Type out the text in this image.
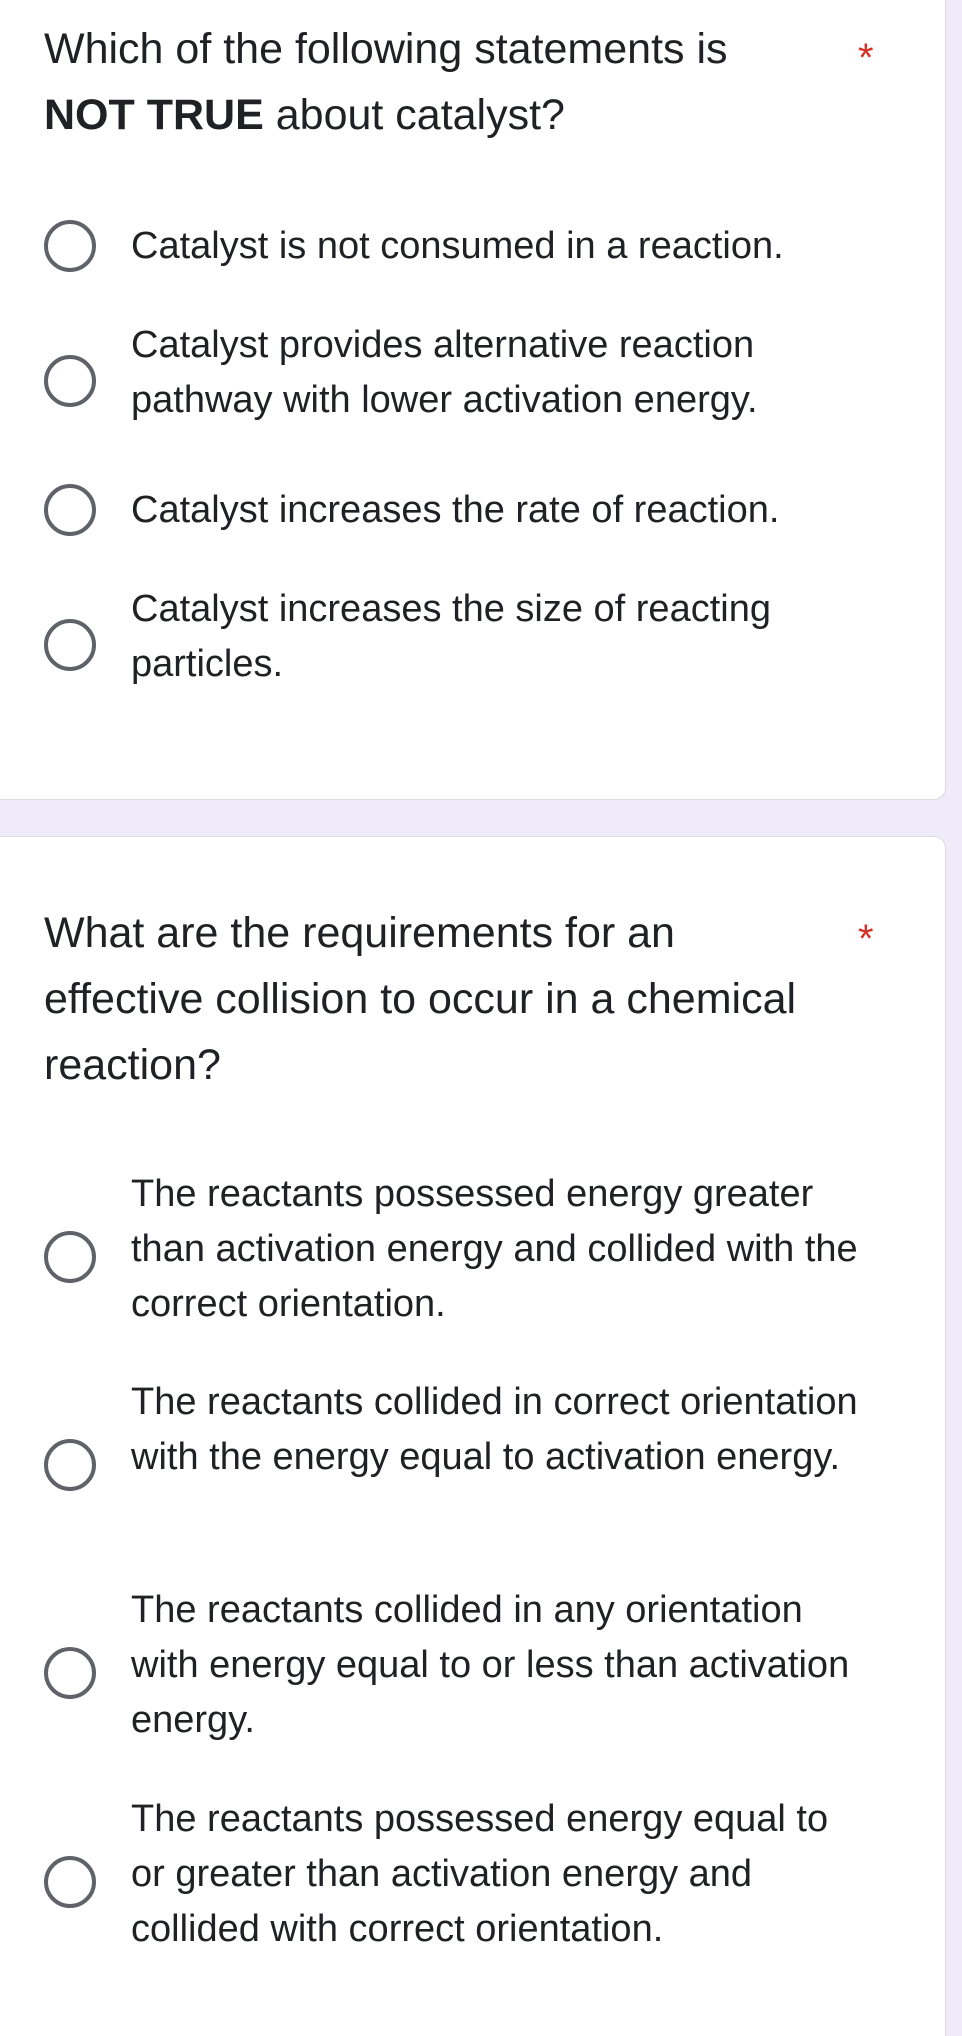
Which of the following statements is
NOT TRUE about catalyst?
*
Catalyst is not consumed in a reaction.
Catalyst provides alternative reaction pathway with lower activation energy.
Catalyst increases the rate of reaction.
Catalyst increases the size of reacting particles.
What are the requirements for an effective collision to occur in a chemical reaction?
*
The reactants possessed energy greater than activation energy and collided with the correct orientation.
The reactants collided in correct orientation with the energy equal to activation energy.
The reactants collided in any orientation with energy equal to or less than activation energy.
The reactants possessed energy equal to or greater than activation energy and collided with correct orientation.
